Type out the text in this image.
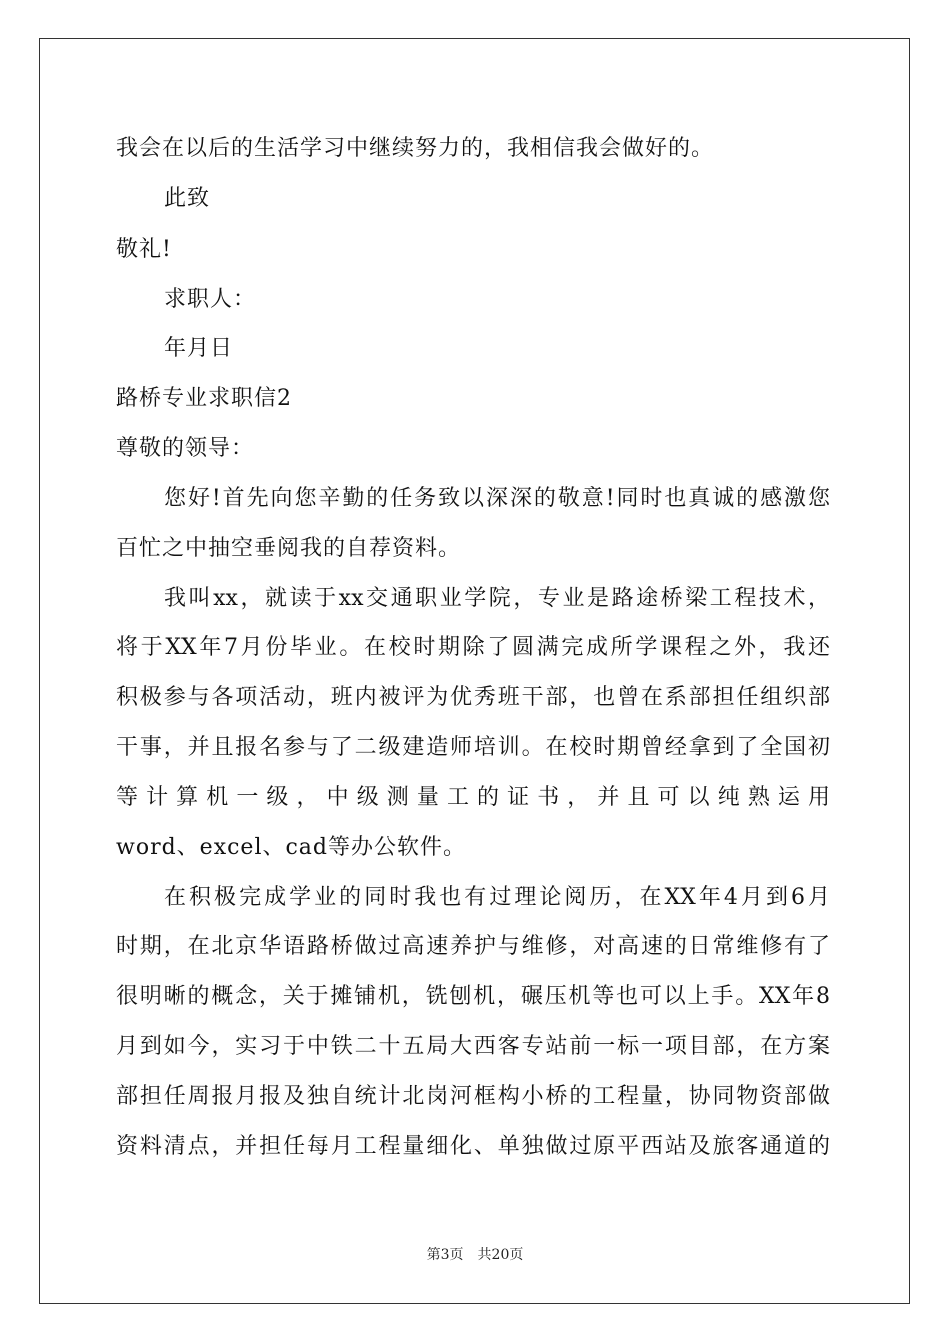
我会在以后的生活学习中继续努力的，我相信我会做好的。
此致
敬礼!
求职人：
年月日
路桥专业求职信2
尊敬的领导：
您好!首先向您辛勤的任务致以深深的敬意!同时也真诚的感激您
百忙之中抽空垂阅我的自荐资料。
我叫xx，就读于xx交通职业学院，专业是路途桥梁工程技术，
将于XX年7月份毕业。在校时期除了圆满完成所学课程之外，我还
积极参与各项活动，班内被评为优秀班干部，也曾在系部担任组织部
干事，并且报名参与了二级建造师培训。在校时期曾经拿到了全国初
等计算机一级，中级测量工的证书，并且可以纯熟运用
word、excel、cad等办公软件。
在积极完成学业的同时我也有过理论阅历，在XX年4月到6月
时期，在北京华语路桥做过高速养护与维修，对高速的日常维修有了
很明晰的概念，关于摊铺机，铣刨机，碾压机等也可以上手。XX年8
月到如今，实习于中铁二十五局大西客专站前一标一项目部，在方案
部担任周报月报及独自统计北岗河框构小桥的工程量，协同物资部做
资料清点，并担任每月工程量细化、单独做过原平西站及旅客通道的
第3页　共20页
